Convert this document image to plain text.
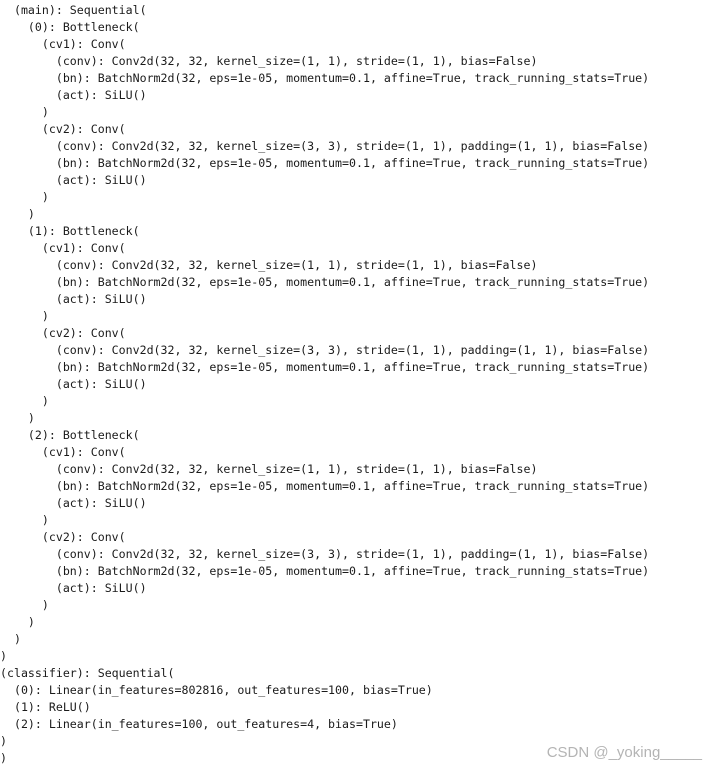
(main): Sequential(
(0): Bottleneck(
(cv1): Conv(
(conv): Conv2d(32, 32, kernel_size=(1, 1), stride=(1, 1), bias=False)
(bn): BatchNorm2d(32, eps=1e-05, momentum=0.1, affine=True, track_running_stats=True)
(act): SiLU()
)
(cv2): Conv(
(conv): Conv2d(32, 32, kernel_size=(3, 3), stride=(1, 1), padding=(1, 1), bias=False)
(bn): BatchNorm2d(32, eps=1e-05, momentum=0.1, affine=True, track_running_stats=True)
(act): SiLU()
)
)
(1): Bottleneck(
(cv1): Conv(
(conv): Conv2d(32, 32, kernel_size=(1, 1), stride=(1, 1), bias=False)
(bn): BatchNorm2d(32, eps=1e-05, momentum=0.1, affine=True, track_running_stats=True)
(act): SiLU()
)
(cv2): Conv(
(conv): Conv2d(32, 32, kernel_size=(3, 3), stride=(1, 1), padding=(1, 1), bias=False)
(bn): BatchNorm2d(32, eps=1e-05, momentum=0.1, affine=True, track_running_stats=True)
(act): SiLU()
)
)
(2): Bottleneck(
(cv1): Conv(
(conv): Conv2d(32, 32, kernel_size=(1, 1), stride=(1, 1), bias=False)
(bn): BatchNorm2d(32, eps=1e-05, momentum=0.1, affine=True, track_running_stats=True)
(act): SiLU()
)
(cv2): Conv(
(conv): Conv2d(32, 32, kernel_size=(3, 3), stride=(1, 1), padding=(1, 1), bias=False)
(bn): BatchNorm2d(32, eps=1e-05, momentum=0.1, affine=True, track_running_stats=True)
(act): SiLU()
)
)
)
)
(classifier): Sequential(
(0): Linear(in_features=802816, out_features=100, bias=True)
(1): ReLU()
(2): Linear(in_features=100, out_features=4, bias=True)
)
)	CSDN @_yoking_____
